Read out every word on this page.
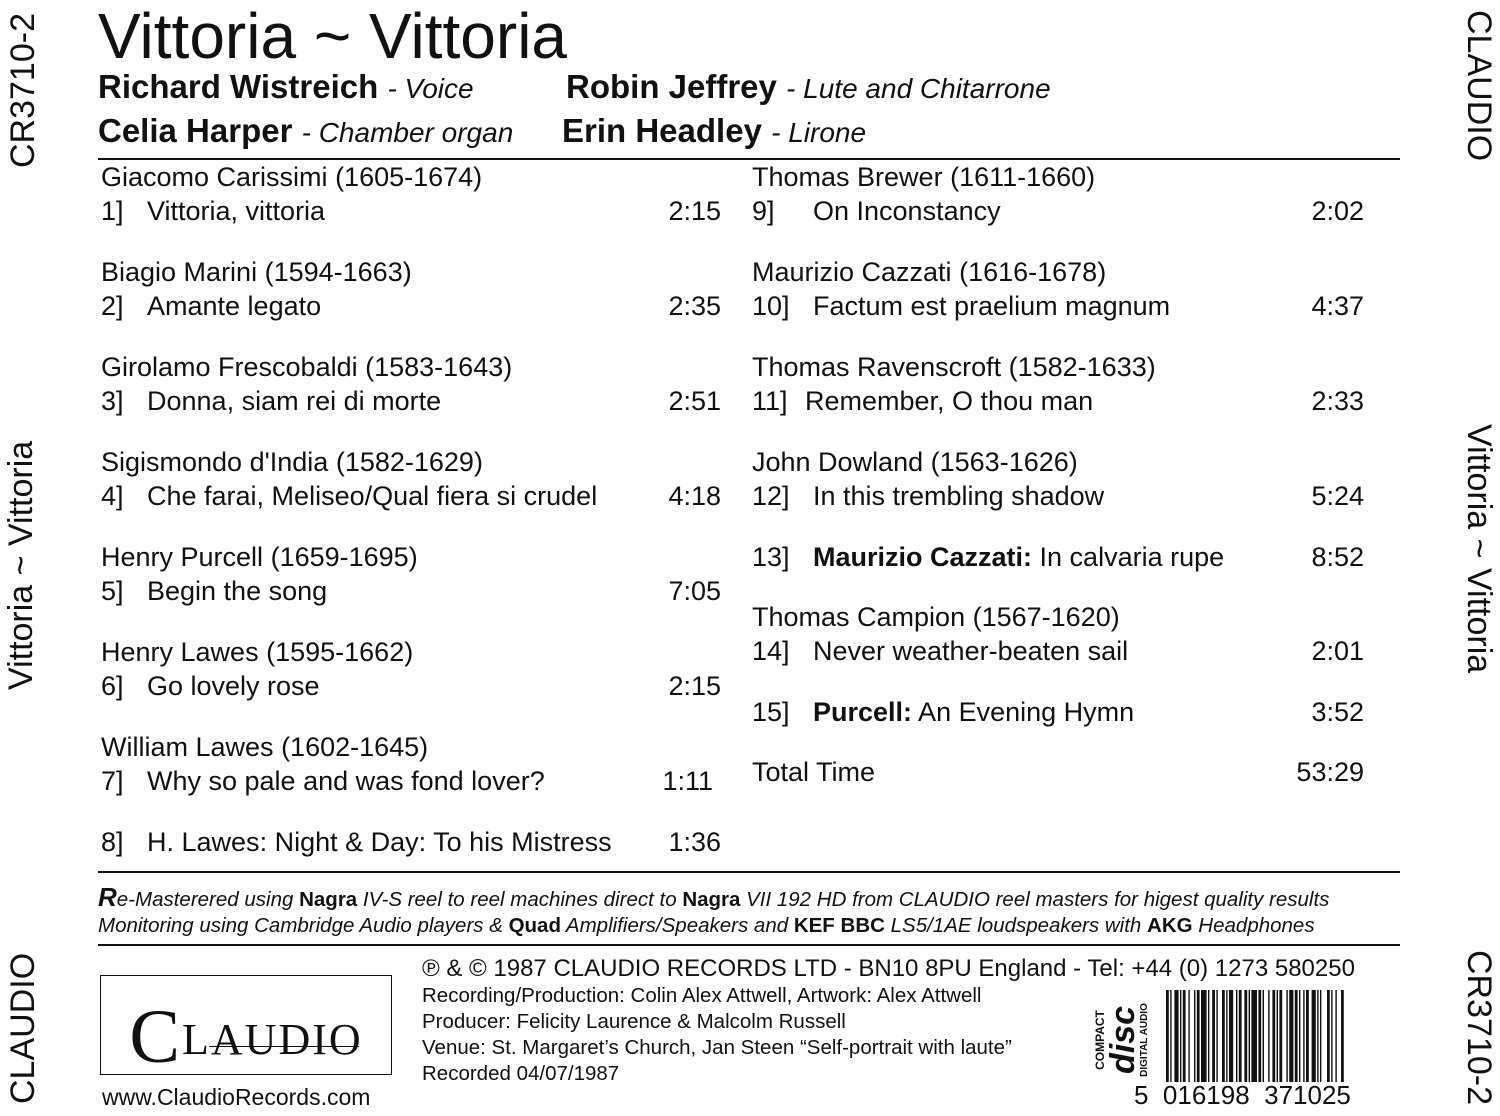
CR3710-2
Vittoria ~ Vittoria
CLAUDIO
CLAUDIO
Vittoria ~ Vittoria
CR3710-2
Vittoria ~ Vittoria
Richard Wistreich - Voice	Robin Jeffrey - Lute and Chitarrone
Celia Harper - Chamber organ Erin Headley - Lirone
Giacomo Carissimi (1605-1674)
1] Vittoria, vittoria	2:15
Biagio Marini (1594-1663)
2] Amante legato	2:35
Girolamo Frescobaldi (1583-1643)
3] Donna, siam rei di morte	2:51
Sigismondo d'India (1582-1629)
4] Che farai, Meliseo/Qual fiera si crudel	4:18
Henry Purcell (1659-1695)
5] Begin the song	7:05
Henry Lawes (1595-1662)
6] Go lovely rose	2:15
William Lawes (1602-1645)
7] Why so pale and was fond lover?	1:11
8] H. Lawes: Night & Day: To his Mistress 1:36
Thomas Brewer (1611-1660)
9] On Inconstancy	2:02
Maurizio Cazzati (1616-1678)
10] Factum est praelium magnum	4:37
Thomas Ravenscroft (1582-1633)
11] Remember, O thou man	2:33
John Dowland (1563-1626)
12] In this trembling shadow	5:24
13] Maurizio Cazzati: In calvaria rupe	8:52
Thomas Campion (1567-1620)
14] Never weather-beaten sail	2:01
15] Purcell: An Evening Hymn	3:52
Total Time	53:29
Re-Masterered using Nagra IV-S reel to reel machines direct to Nagra VII 192 HD from CLAUDIO reel masters for higest quality results
Monitoring using Cambridge Audio players & Quad Amplifiers/Speakers and KEF BBC LS5/1AE loudspeakers with AKG Headphones
CLAUDIO
www.ClaudioRecords.com
℗ & © 1987 CLAUDIO RECORDS LTD - BN10 8PU England - Tel: +44 (0) 1273 580250
Recording/Production: Colin Alex Attwell, Artwork: Alex Attwell
Producer: Felicity Laurence & Malcolm Russell
Venue: St. Margaret’s Church, Jan Steen “Self-portrait with laute”
Recorded 04/07/1987
COMPACT
disc
DIGITAL AUDIO
5  016198  371025
